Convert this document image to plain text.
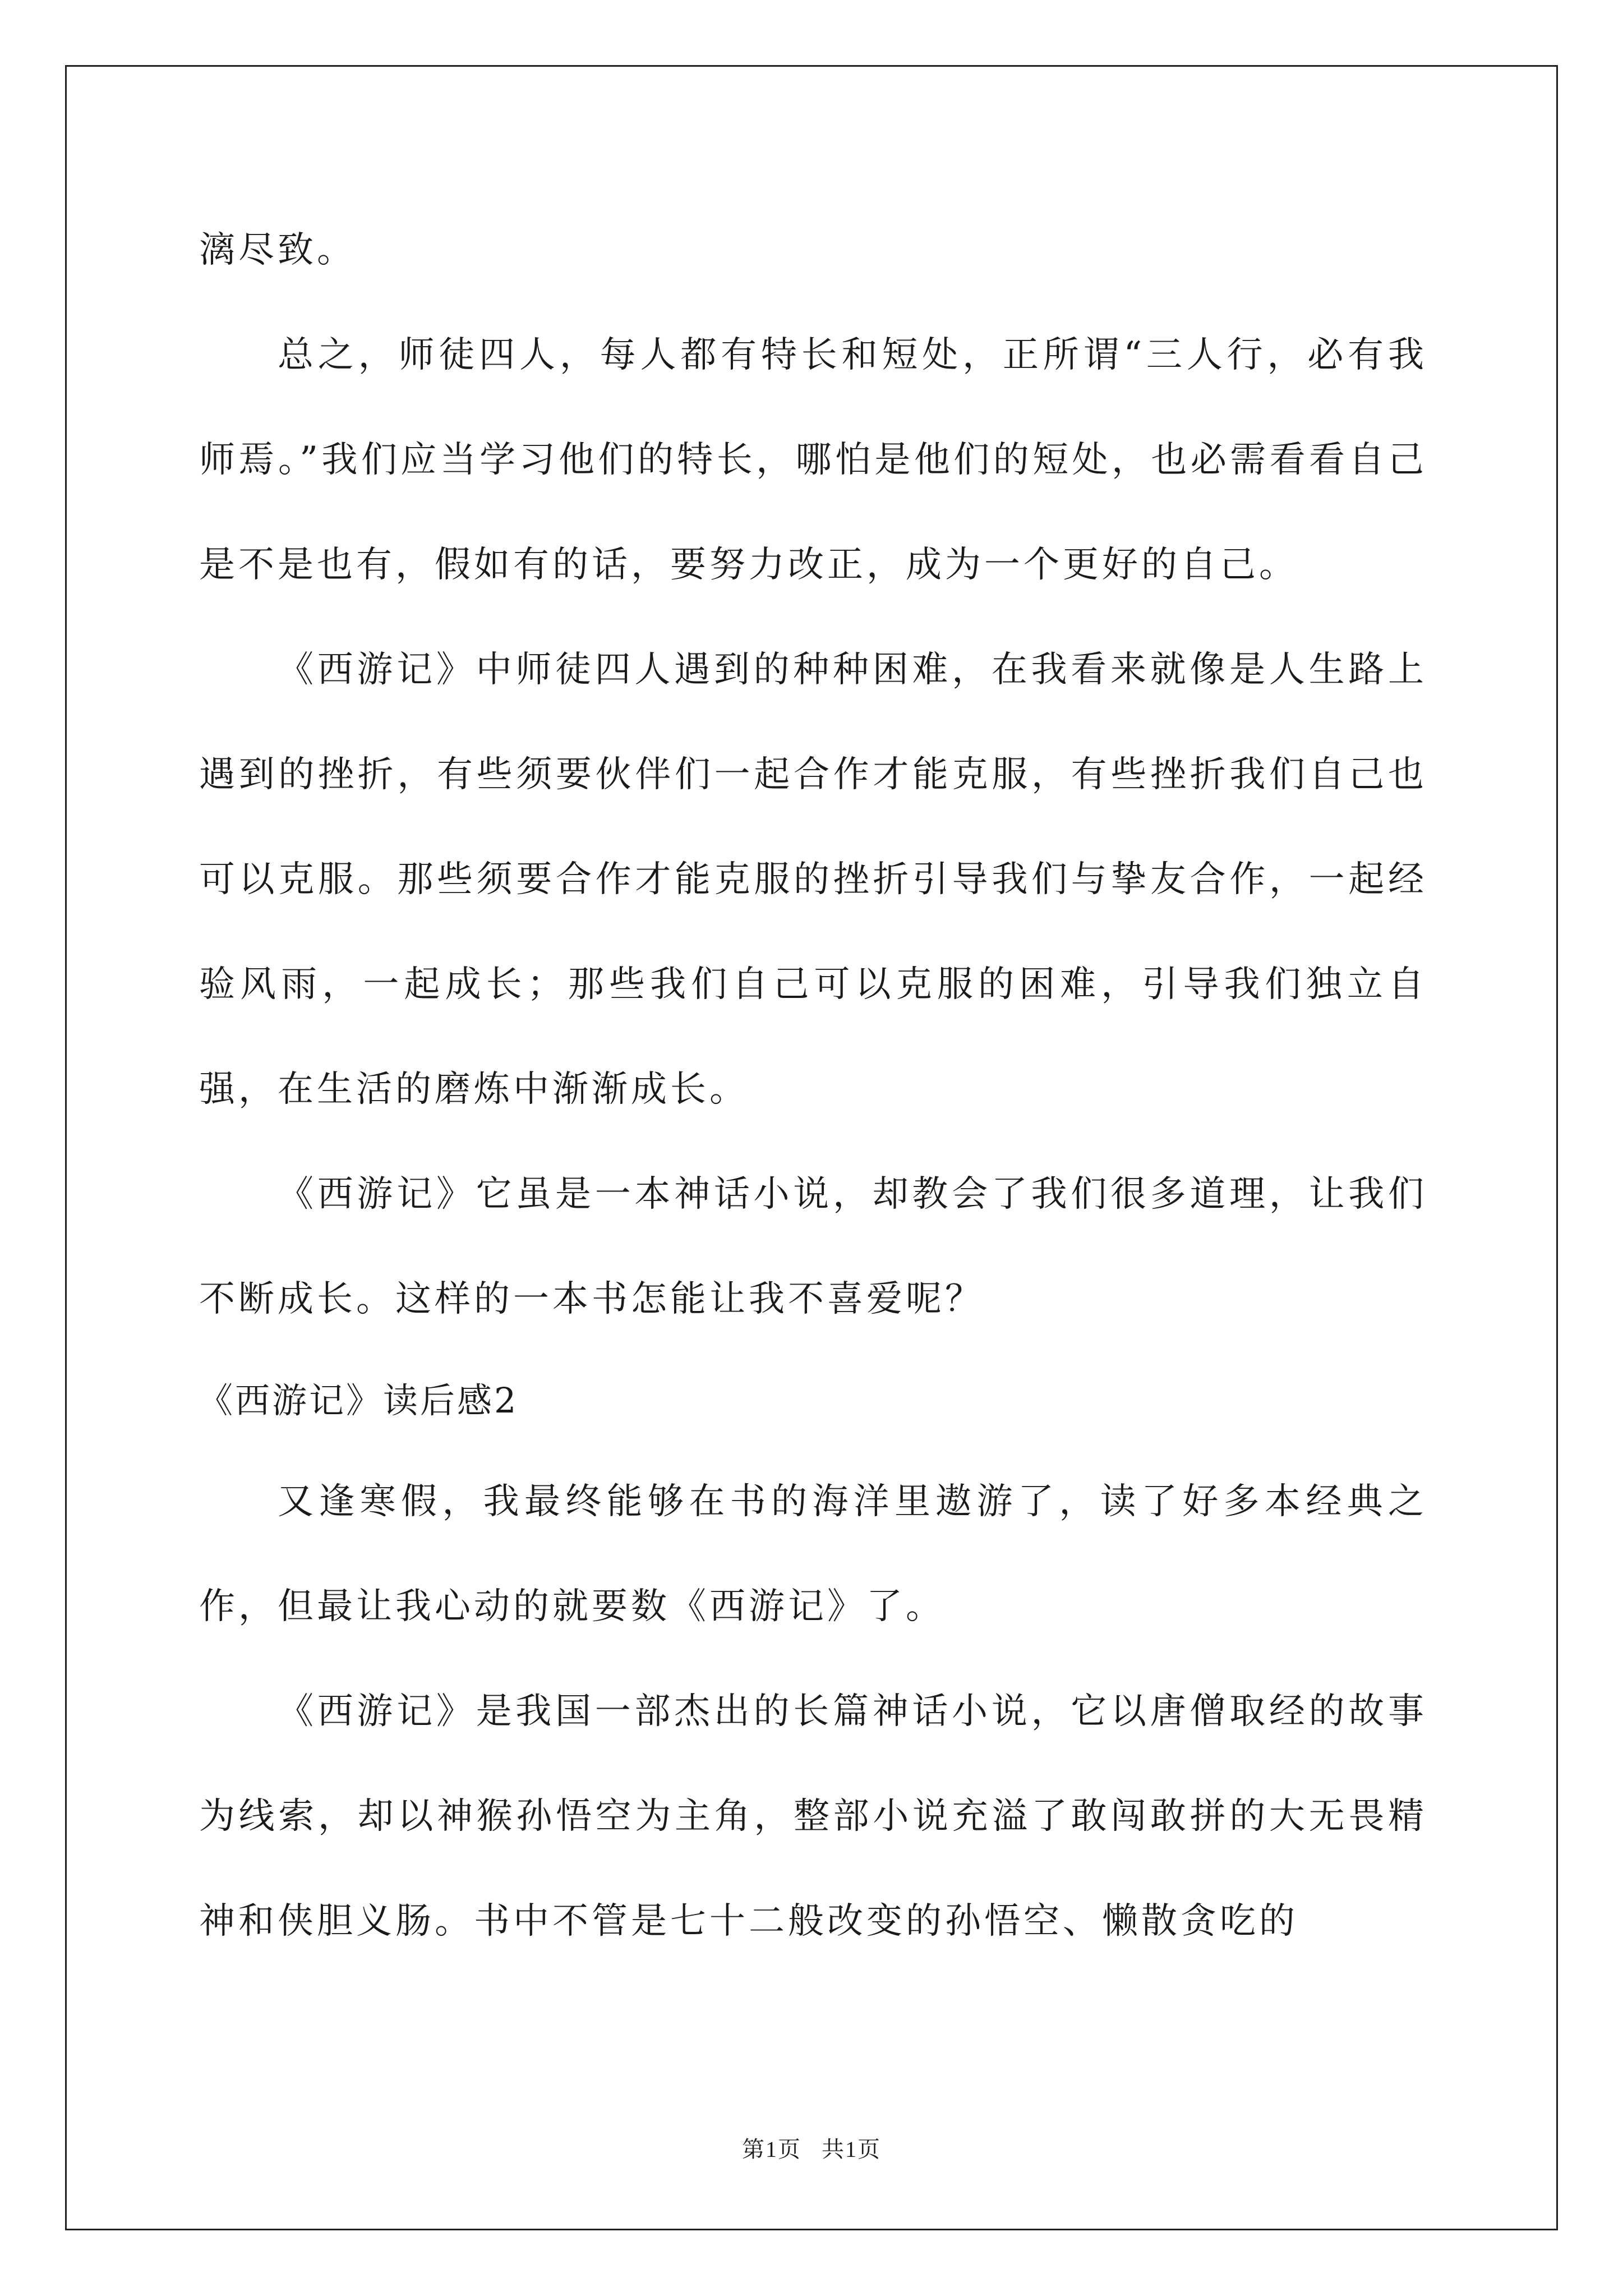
漓尽致。

总之，师徒四人，每人都有特长和短处，正所谓“三人行，必有我师焉。”我们应当学习他们的特长，哪怕是他们的短处，也必需看看自己是不是也有，假如有的话，要努力改正，成为一个更好的自己。

《西游记》中师徒四人遇到的种种困难，在我看来就像是人生路上遇到的挫折，有些须要伙伴们一起合作才能克服，有些挫折我们自己也可以克服。那些须要合作才能克服的挫折引导我们与挚友合作，一起经验风雨，一起成长；那些我们自己可以克服的困难，引导我们独立自强，在生活的磨炼中渐渐成长。

《西游记》它虽是一本神话小说，却教会了我们很多道理，让我们不断成长。这样的一本书怎能让我不喜爱呢？

《西游记》读后感2

又逢寒假，我最终能够在书的海洋里遨游了，读了好多本经典之作，但最让我心动的就要数《西游记》了。

《西游记》是我国一部杰出的长篇神话小说，它以唐僧取经的故事为线索，却以神猴孙悟空为主角，整部小说充溢了敢闯敢拼的大无畏精神和侠胆义肠。书中不管是七十二般改变的孙悟空、懒散贪吃的

第1页 共1页
